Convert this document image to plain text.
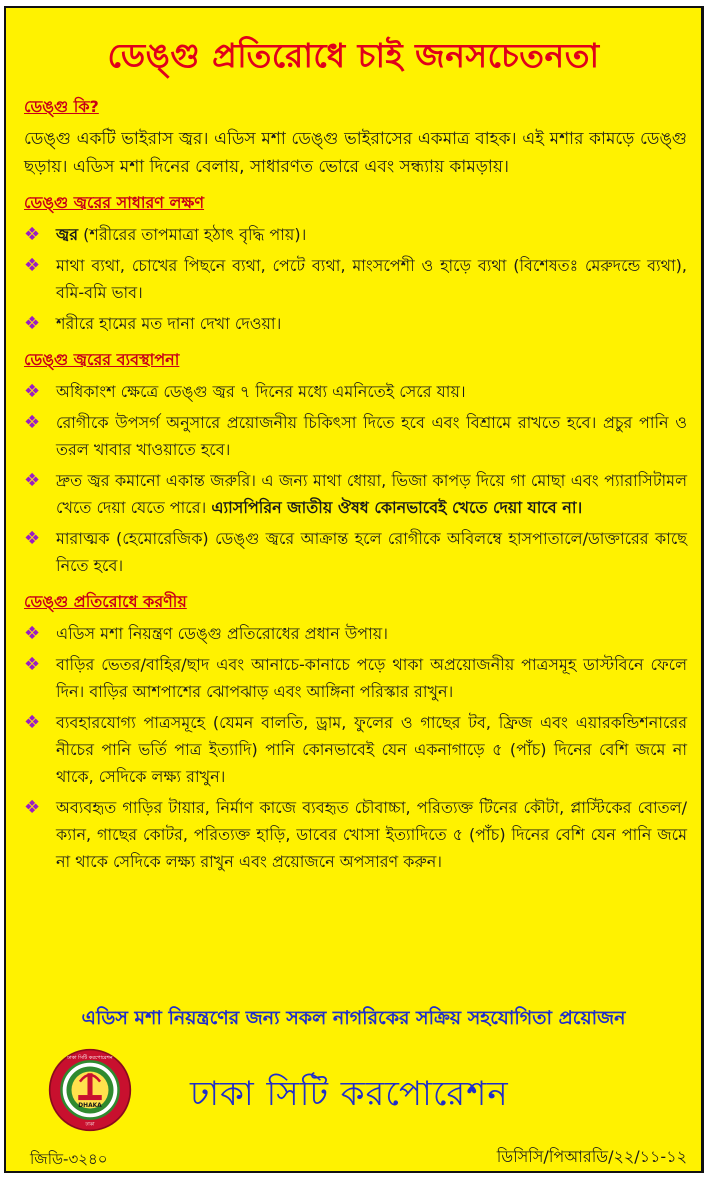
ডেঙ্গু প্রতিরোধে চাই জনসচেতনতা
ডেঙ্গু কি?
ডেঙ্গু একটি ভাইরাস জ্বর। এডিস মশা ডেঙ্গু ভাইরাসের একমাত্র বাহক। এই মশার কামড়ে ডেঙ্গু ছড়ায়। এডিস মশা দিনের বেলায়, সাধারণত ভোরে এবং সন্ধ্যায় কামড়ায়।
ডেঙ্গু জ্বরের সাধারণ লক্ষণ
❖ জ্বর (শরীরের তাপমাত্রা হঠাৎ বৃদ্ধি পায়)।
❖ মাথা ব্যথা, চোখের পিছনে ব্যথা, পেটে ব্যথা, মাংসপেশী ও হাড়ে ব্যথা (বিশেষতঃ মেরুদন্ডে ব্যথা), বমি-বমি ভাব।
❖ শরীরে হামের মত দানা দেখা দেওয়া।
ডেঙ্গু জ্বরের ব্যবস্থাপনা
❖ অধিকাংশ ক্ষেত্রে ডেঙ্গু জ্বর ৭ দিনের মধ্যে এমনিতেই সেরে যায়।
❖ রোগীকে উপসর্গ অনুসারে প্রয়োজনীয় চিকিৎসা দিতে হবে এবং বিশ্রামে রাখতে হবে। প্রচুর পানি ও তরল খাবার খাওয়াতে হবে।
❖ দ্রুত জ্বর কমানো একান্ত জরুরি। এ জন্য মাথা ধোয়া, ভিজা কাপড় দিয়ে গা মোছা এবং প্যারাসিটামল খেতে দেয়া যেতে পারে। এ্যাসপিরিন জাতীয় ঔষধ কোনভাবেই খেতে দেয়া যাবে না।
❖ মারাত্মক (হেমোরেজিক) ডেঙ্গু জ্বরে আক্রান্ত হলে রোগীকে অবিলম্বে হাসপাতালে/ডাক্তারের কাছে নিতে হবে।
ডেঙ্গু প্রতিরোধে করণীয়
❖ এডিস মশা নিয়ন্ত্রণ ডেঙ্গু প্রতিরোধের প্রধান উপায়।
❖ বাড়ির ভেতর/বাহির/ছাদ এবং আনাচে-কানাচে পড়ে থাকা অপ্রয়োজনীয় পাত্রসমূহ ডাস্টবিনে ফেলে দিন। বাড়ির আশপাশের ঝোপঝাড় এবং আঙ্গিনা পরিস্কার রাখুন।
❖ ব্যবহারযোগ্য পাত্রসমূহে (যেমন বালতি, ড্রাম, ফুলের ও গাছের টব, ফ্রিজ এবং এয়ারকন্ডিশনারের নীচের পানি ভর্তি পাত্র ইত্যাদি) পানি কোনভাবেই যেন একনাগাড়ে ৫ (পাঁচ) দিনের বেশি জমে না থাকে, সেদিকে লক্ষ্য রাখুন।
❖ অব্যবহৃত গাড়ির টায়ার, নির্মাণ কাজে ব্যবহৃত চৌবাচ্চা, পরিত্যক্ত টিনের কৌটা, প্লাস্টিকের বোতল/ক্যান, গাছের কোটর, পরিত্যক্ত হাড়ি, ডাবের খোসা ইত্যাদিতে ৫ (পাঁচ) দিনের বেশি যেন পানি জমে না থাকে সেদিকে লক্ষ্য রাখুন এবং প্রয়োজনে অপসারণ করুন।
এডিস মশা নিয়ন্ত্রণের জন্য সকল নাগরিকের সক্রিয় সহযোগিতা প্রয়োজন
DHAKA
ঢাকা
ঢাকা সিটি করপোরেশন
ঢাকা সিটি করপোরেশন
জিডি-৩২৪০	ডিসিসি/পিআরডি/২২/১১-১২
